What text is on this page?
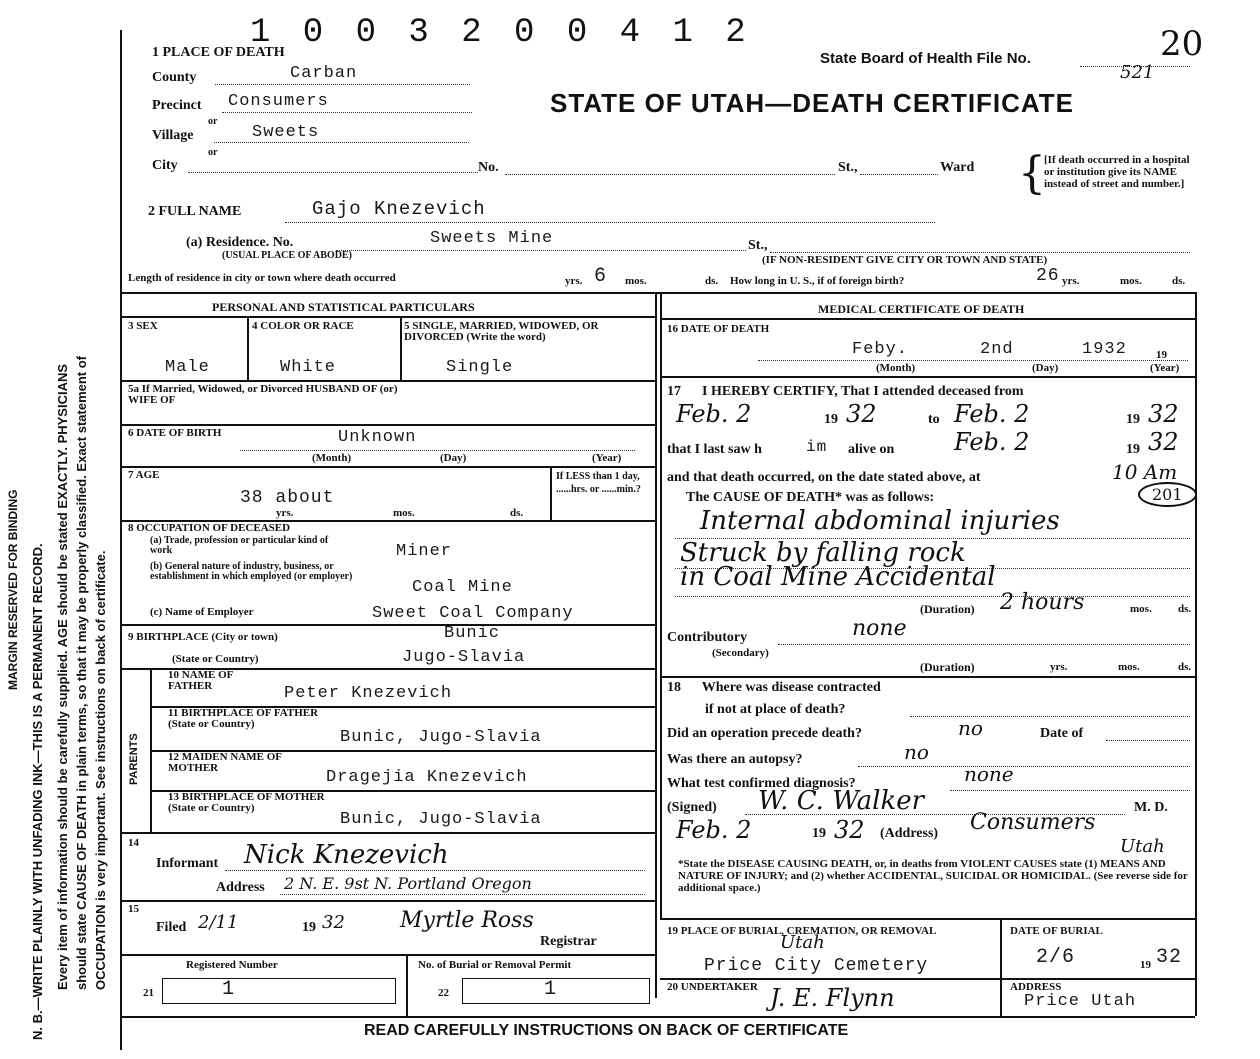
MARGIN RESERVED FOR BINDING N. B.—WRITE PLAINLY WITH UNFADING INK—THIS IS A PERMANENT RECORD. Every item of information should be carefully supplied. AGE should be stated EXACTLY. PHYSICIANS should state CAUSE OF DEATH in plain terms, so that it may be properly classified. Exact statement of OCCUPATION is very important. See instructions on back of certificate.
1 0 0 3 2 0 0 4 1 2
State Board of Health File No.	20
521
STATE OF UTAH—DEATH CERTIFICATE
1 PLACE OF DEATH
County	Carban
Precinct Consumers
or
Village	Sweets
or
City	No.	St.,	Ward {
[If death occurred in a hospital or institution give its NAME instead of street and number.]
2 FULL NAME	Gajo Knezevich
(a) Residence. No.
(USUAL PLACE OF ABODE)
Sweets Mine	St.,
(IF NON-RESIDENT GIVE CITY OR TOWN AND STATE)
Length of residence in city or town where death occurred	yrs. 6 mos.	ds. How long in U. S., if of foreign birth?	26 yrs.	mos.	ds.
PERSONAL AND STATISTICAL PARTICULARS
3 SEX
Male
4 COLOR OR RACE
White
5 SINGLE, MARRIED, WIDOWED, OR DIVORCED (Write the word)
Single
5a If Married, Widowed, or Divorced HUSBAND OF (or) WIFE OF
6 DATE OF BIRTH	Unknown
(Month)	(Day)	(Year)
7 AGE
38 about
yrs.	mos.	ds.
If LESS than 1 day, ......hrs. or ......min.?
8 OCCUPATION OF DECEASED
(a) Trade, profession or particular kind of work	Miner
(b) General nature of industry, business, or establishment in which employed (or employer)
Coal Mine
(c) Name of Employer	Sweet Coal Company
9 BIRTHPLACE (City or town)	Bunic
(State or Country)	Jugo-Slavia
PARENTS
10 NAME OF FATHER	Peter Knezevich
11 BIRTHPLACE OF FATHER (State or Country)
Bunic, Jugo-Slavia
12 MAIDEN NAME OF MOTHER	Dragejia Knezevich
13 BIRTHPLACE OF MOTHER (State or Country)
Bunic, Jugo-Slavia
14
Informant Nick Knezevich
Address 2 N. E. 9st N. Portland Oregon
15
Filed 2/11	19 32	Myrtle Ross
Registrar
Registered Number
21	1
No. of Burial or Removal Permit
22	1
MEDICAL CERTIFICATE OF DEATH
16 DATE OF DEATH
Feby.	2nd	1932	19
(Month)	(Day)	(Year)
17      I HEREBY CERTIFY, That I attended deceased from
Feb. 2	19 32	to Feb. 2	19 32
that I last saw h	im alive on Feb. 2	19 32
and that death occurred, on the date stated above, at	10 Am
The CAUSE OF DEATH* was as follows:	201
Internal abdominal injuries
Struck by falling rock
in Coal Mine Accidental
(Duration) 2 hours	mos. ds.
Contributory	none
(Secondary)
(Duration)	yrs.	mos.	ds.
18      Where was disease contracted
if not at place of death?
Did an operation precede death?	no	Date of
Was there an autopsy?	no
What test confirmed diagnosis?	none
(Signed) W. C. Walker	M. D.
Feb. 2	19 32 (Address) Consumers
Utah
*State the DISEASE CAUSING DEATH, or, in deaths from VIOLENT CAUSES state (1) MEANS AND NATURE OF INJURY; and (2) whether ACCIDENTAL, SUICIDAL OR HOMICIDAL. (See reverse side for additional space.)
19 PLACE OF BURIAL, CREMATION, OR REMOVAL
Utah
Price City Cemetery
DATE OF BURIAL
2/6	19 32
20 UNDERTAKER J. E. Flynn	ADDRESS
Price Utah
READ CAREFULLY INSTRUCTIONS ON BACK OF CERTIFICATE
